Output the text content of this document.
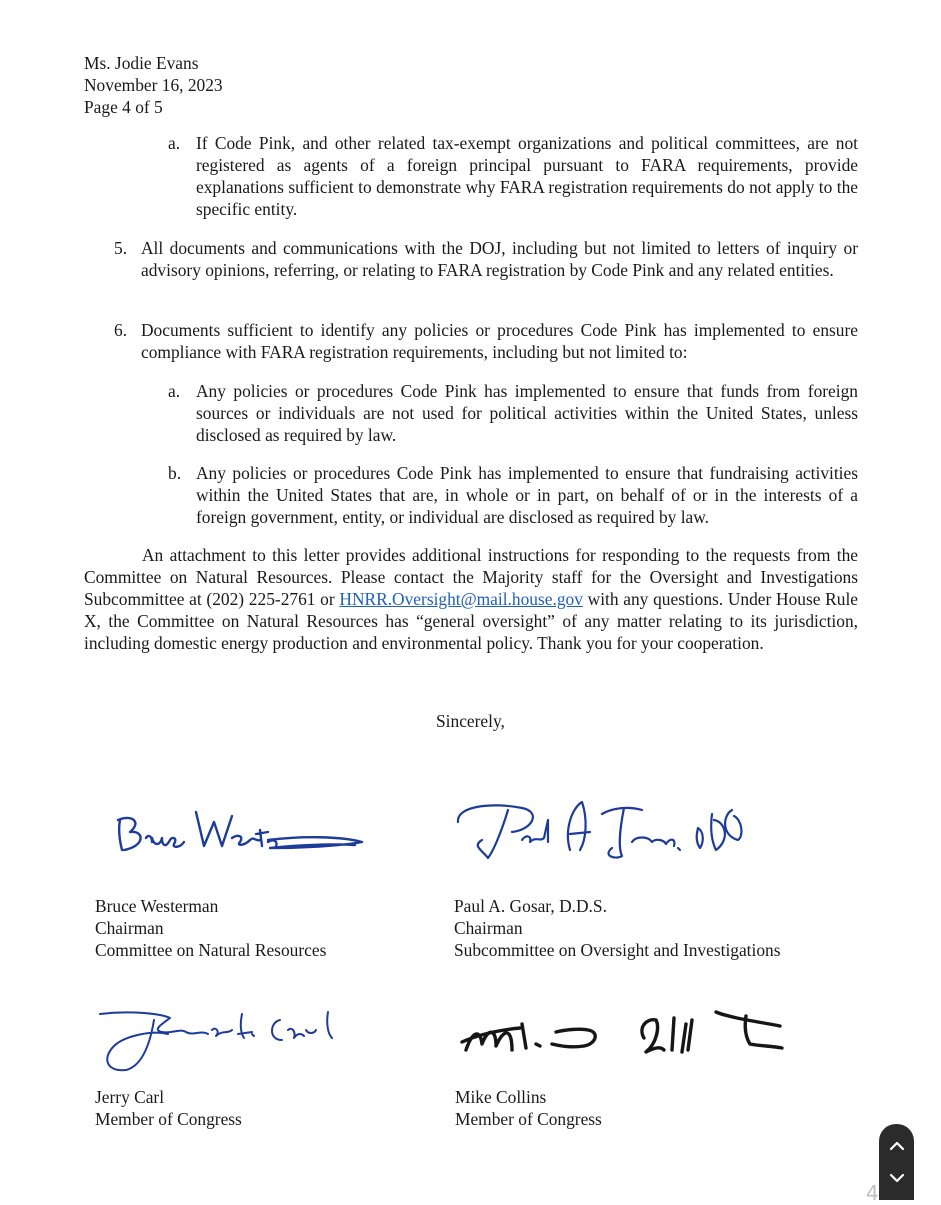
Ms. Jodie Evans
November 16, 2023
Page 4 of 5
a. If Code Pink, and other related tax-exempt organizations and political committees, are not registered as agents of a foreign principal pursuant to FARA requirements, provide explanations sufficient to demonstrate why FARA registration requirements do not apply to the specific entity.
5. All documents and communications with the DOJ, including but not limited to letters of inquiry or advisory opinions, referring, or relating to FARA registration by Code Pink and any related entities.
6. Documents sufficient to identify any policies or procedures Code Pink has implemented to ensure compliance with FARA registration requirements, including but not limited to:
a. Any policies or procedures Code Pink has implemented to ensure that funds from foreign sources or individuals are not used for political activities within the United States, unless disclosed as required by law.
b. Any policies or procedures Code Pink has implemented to ensure that fundraising activities within the United States that are, in whole or in part, on behalf of or in the interests of a foreign government, entity, or individual are disclosed as required by law.
An attachment to this letter provides additional instructions for responding to the requests from the Committee on Natural Resources. Please contact the Majority staff for the Oversight and Investigations Subcommittee at (202) 225-2761 or HNRR.Oversight@mail.house.gov with any questions. Under House Rule X, the Committee on Natural Resources has “general oversight” of any matter relating to its jurisdiction, including domestic energy production and environmental policy. Thank you for your cooperation.
Sincerely,
Bruce Westerman
Chairman
Committee on Natural Resources
Paul A. Gosar, D.D.S.
Chairman
Subcommittee on Oversight and Investigations
Jerry Carl
Member of Congress
Mike Collins
Member of Congress
4
